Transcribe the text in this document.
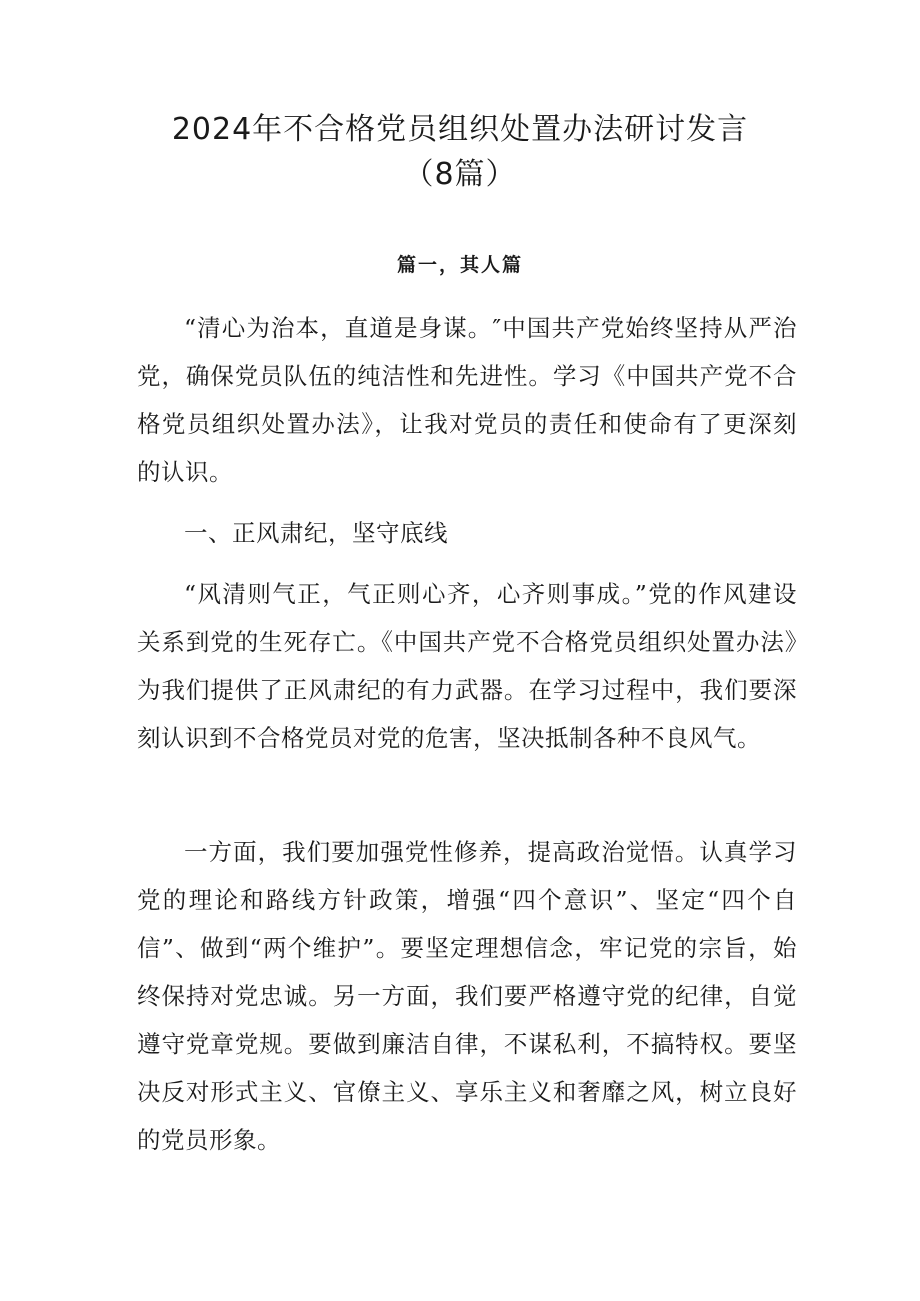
2024年不合格党员组织处置办法研讨发言
（8篇）
篇一，其人篇

“清心为治本，直道是身谋。″中国共产党始终坚持从严治党，确保党员队伍的纯洁性和先进性。学习《中国共产党不合格党员组织处置办法》，让我对党员的责任和使命有了更深刻的认识。

一、正风肃纪，坚守底线

“风清则气正，气正则心齐，心齐则事成。”党的作风建设关系到党的生死存亡。《中国共产党不合格党员组织处置办法》为我们提供了正风肃纪的有力武器。在学习过程中，我们要深刻认识到不合格党员对党的危害，坚决抵制各种不良风气。

一方面，我们要加强党性修养，提高政治觉悟。认真学习党的理论和路线方针政策，增强“四个意识”、坚定“四个自信”、做到“两个维护”。要坚定理想信念，牢记党的宗旨，始终保持对党忠诚。另一方面，我们要严格遵守党的纪律，自觉遵守党章党规。要做到廉洁自律，不谋私利，不搞特权。要坚决反对形式主义、官僚主义、享乐主义和奢靡之风，树立良好的党员形象。
